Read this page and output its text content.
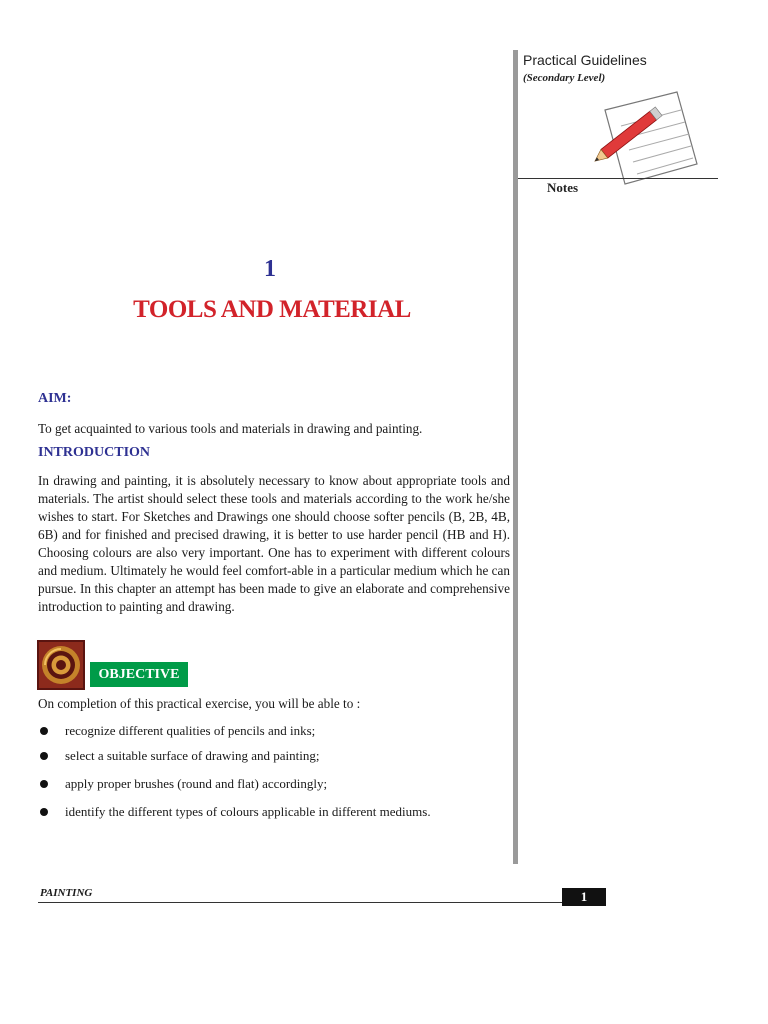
Practical Guidelines
(Secondary Level)
Notes
1
TOOLS AND MATERIAL
AIM:
To get acquainted to various tools and materials in drawing and painting.
INTRODUCTION
In drawing and painting, it is absolutely necessary to know about appropriate tools and materials. The artist should select these tools and materials according to the work he/she wishes to start. For Sketches and Drawings one should choose softer pencils (B, 2B, 4B, 6B) and for finished and precised drawing, it is better to use harder pencil (HB and H). Choosing colours are also very important. One has to experiment with different colours and medium. Ultimately he would feel comfort-able in a particular medium which he can pursue. In this chapter an attempt has been made to give an elaborate and comprehensive introduction to painting and drawing.
OBJECTIVE
On completion of this practical exercise, you will be able to :
recognize different qualities of pencils and inks;
select a suitable surface of drawing and painting;
apply proper brushes (round and flat) accordingly;
identify the different types of colours applicable in different mediums.
PAINTING	1
